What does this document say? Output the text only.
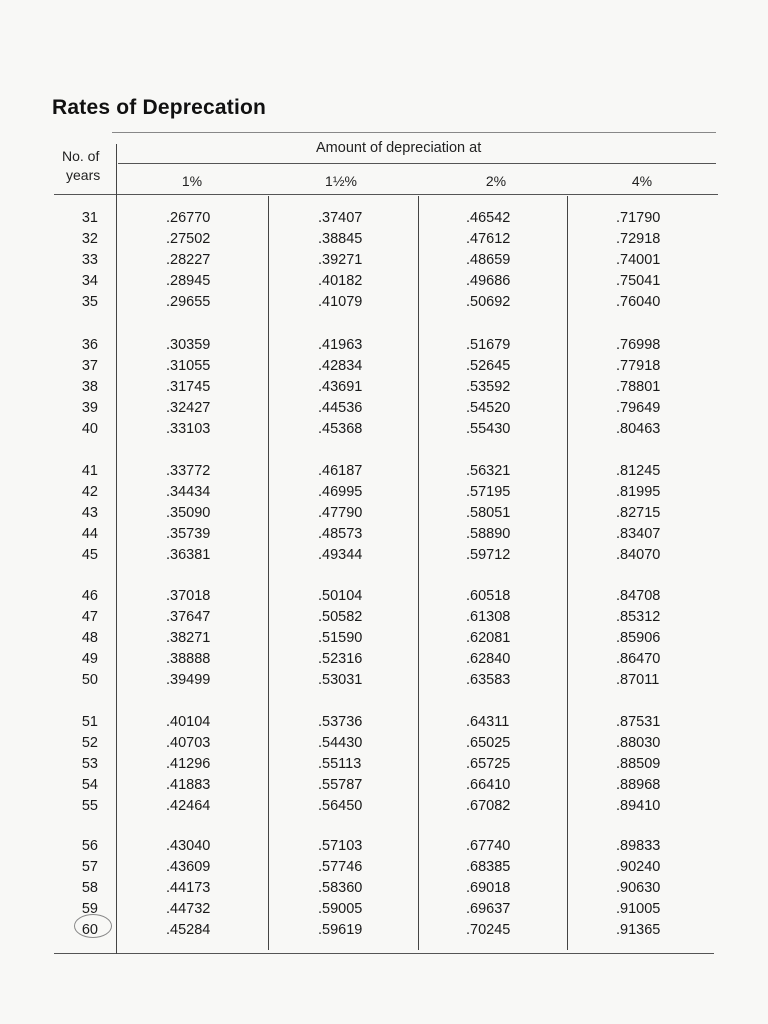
Rates of Deprecation
No. of
years
Amount of depreciation at
1%	1½%	2%	4%
31	.26770	.37407	.46542	.71790
32	.27502	.38845	.47612	.72918
33	.28227	.39271	.48659	.74001
34	.28945	.40182	.49686	.75041
35	.29655	.41079	.50692	.76040
36	.30359	.41963	.51679	.76998
37	.31055	.42834	.52645	.77918
38	.31745	.43691	.53592	.78801
39	.32427	.44536	.54520	.79649
40	.33103	.45368	.55430	.80463
41	.33772	.46187	.56321	.81245
42	.34434	.46995	.57195	.81995
43	.35090	.47790	.58051	.82715
44	.35739	.48573	.58890	.83407
45	.36381	.49344	.59712	.84070
46	.37018	.50104	.60518	.84708
47	.37647	.50582	.61308	.85312
48	.38271	.51590	.62081	.85906
49	.38888	.52316	.62840	.86470
50	.39499	.53031	.63583	.87011
51	.40104	.53736	.64311	.87531
52	.40703	.54430	.65025	.88030
53	.41296	.55113	.65725	.88509
54	.41883	.55787	.66410	.88968
55	.42464	.56450	.67082	.89410
56	.43040	.57103	.67740	.89833
57	.43609	.57746	.68385	.90240
58	.44173	.58360	.69018	.90630
59	.44732	.59005	.69637	.91005
60	.45284	.59619	.70245	.91365
